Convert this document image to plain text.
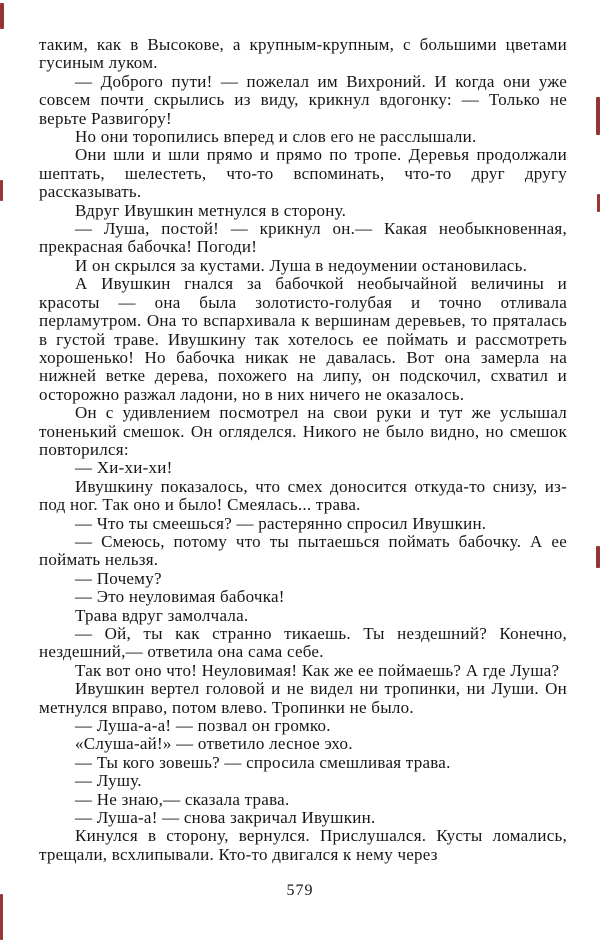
таким, как в Высокове, а крупным-крупным, с большими цветами гусиным луком.

— Доброго пути! — пожелал им Вихроний. И когда они уже совсем почти скрылись из виду, крикнул вдогонку: — Только не верьте Развиго́ру!

Но они торопились вперед и слов его не расслышали.

Они шли и шли прямо и прямо по тропе. Деревья продолжали шептать, шелестеть, что-то вспоминать, что-то друг другу рассказывать.

Вдруг Ивушкин метнулся в сторону.

— Луша, постой! — крикнул он.— Какая необыкновенная, прекрасная бабочка! Погоди!

И он скрылся за кустами. Луша в недоумении остановилась.

А Ивушкин гнался за бабочкой необычайной величины и красоты — она была золотисто-голубая и точно отливала перламутром. Она то вспархивала к вершинам деревьев, то пряталась в густой траве. Ивушкину так хотелось ее поймать и рассмотреть хорошенько! Но бабочка никак не давалась. Вот она замерла на нижней ветке дерева, похожего на липу, он подскочил, схватил и осторожно разжал ладони, но в них ничего не оказалось.

Он с удивлением посмотрел на свои руки и тут же услышал тоненький смешок. Он огляделся. Никого не было видно, но смешок повторился:

— Хи-хи-хи!

Ивушкину показалось, что смех доносится откуда-то снизу, из-под ног. Так оно и было! Смеялась... трава.

— Что ты смеешься? — растерянно спросил Ивушкин.

— Смеюсь, потому что ты пытаешься поймать бабочку. А ее поймать нельзя.

— Почему?

— Это неуловимая бабочка!

Трава вдруг замолчала.

— Ой, ты как странно тикаешь. Ты нездешний? Конечно, нездешний,— ответила она сама себе.

Так вот оно что! Неуловимая! Как же ее поймаешь? А где Луша?

Ивушкин вертел головой и не видел ни тропинки, ни Луши. Он метнулся вправо, потом влево. Тропинки не было.

— Луша-а-а! — позвал он громко.

«Слуша-ай!» — ответило лесное эхо.

— Ты кого зовешь? — спросила смешливая трава.

— Лушу.

— Не знаю,— сказала трава.

— Луша-а! — снова закричал Ивушкин.

Кинулся в сторону, вернулся. Прислушался. Кусты ломались, трещали, всхлипывали. Кто-то двигался к нему через

579
